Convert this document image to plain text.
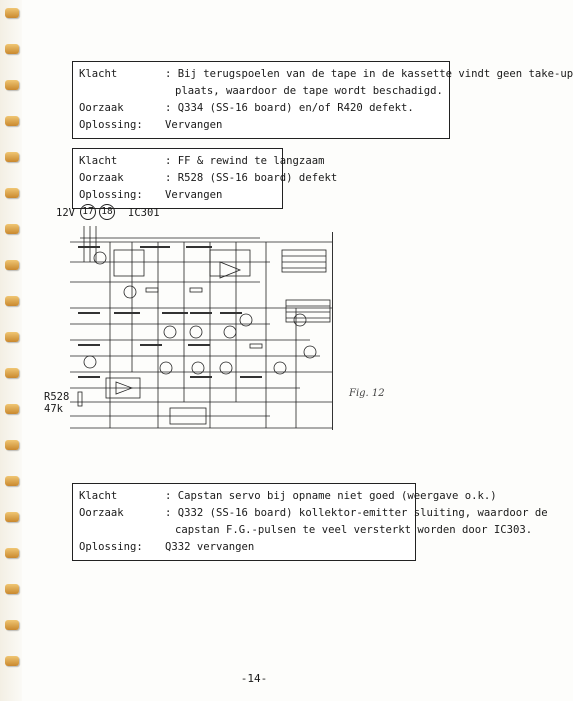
Klacht	: Bij terugspoelen van de tape in de kassette vindt geen take-up
plaats, waardoor de tape wordt beschadigd.
Oorzaak	: Q334 (SS-16 board) en/of R420 defekt.
Oplossing:	Vervangen
Klacht	: FF & rewind te langzaam
Oorzaak	: R528 (SS-16 board) defekt
Oplossing:	Vervangen
12V 17 18	IC301
R528
47k
Fig. 12
Klacht	: Capstan servo bij opname niet goed (weergave o.k.)
Oorzaak	: Q332 (SS-16 board) kollektor-emitter sluiting, waardoor de
capstan F.G.-pulsen te veel versterkt worden door IC303.
Oplossing:	Q332 vervangen
-14-
